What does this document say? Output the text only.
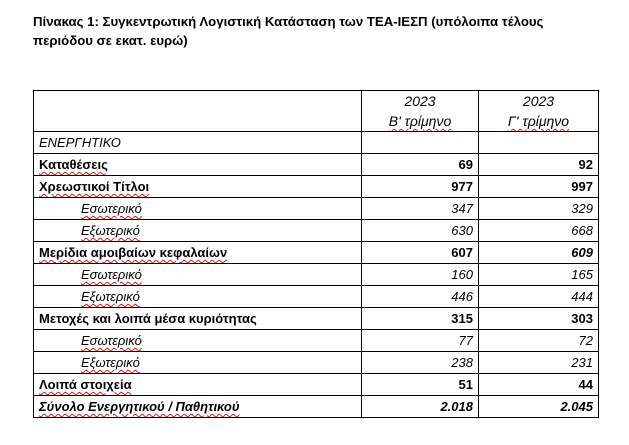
Πίνακας 1: Συγκεντρωτική Λογιστική Κατάσταση των ΤΕΑ-ΙΕΣΠ (υπόλοιπα τέλους
περιόδου σε εκατ. ευρώ)
	2023	2023
	Β' τρίμηνο	Γ' τρίμηνο
ΕΝΕΡΓΗΤΙΚΟ		
Καταθέσεις	69	92
Χρεωστικοί Τίτλοι	977	997
Εσωτερικό	347	329
Εξωτερικό	630	668
Μερίδια αμοιβαίων κεφαλαίων	607	609
Εσωτερικό	160	165
Εξωτερικό	446	444
Μετοχές και λοιπά μέσα κυριότητας	315	303
Εσωτερικό	77	72
Εξωτερικό	238	231
Λοιπά στοιχεία	51	44
Σύνολο Ενεργητικού / Παθητικού	2.018	2.045
